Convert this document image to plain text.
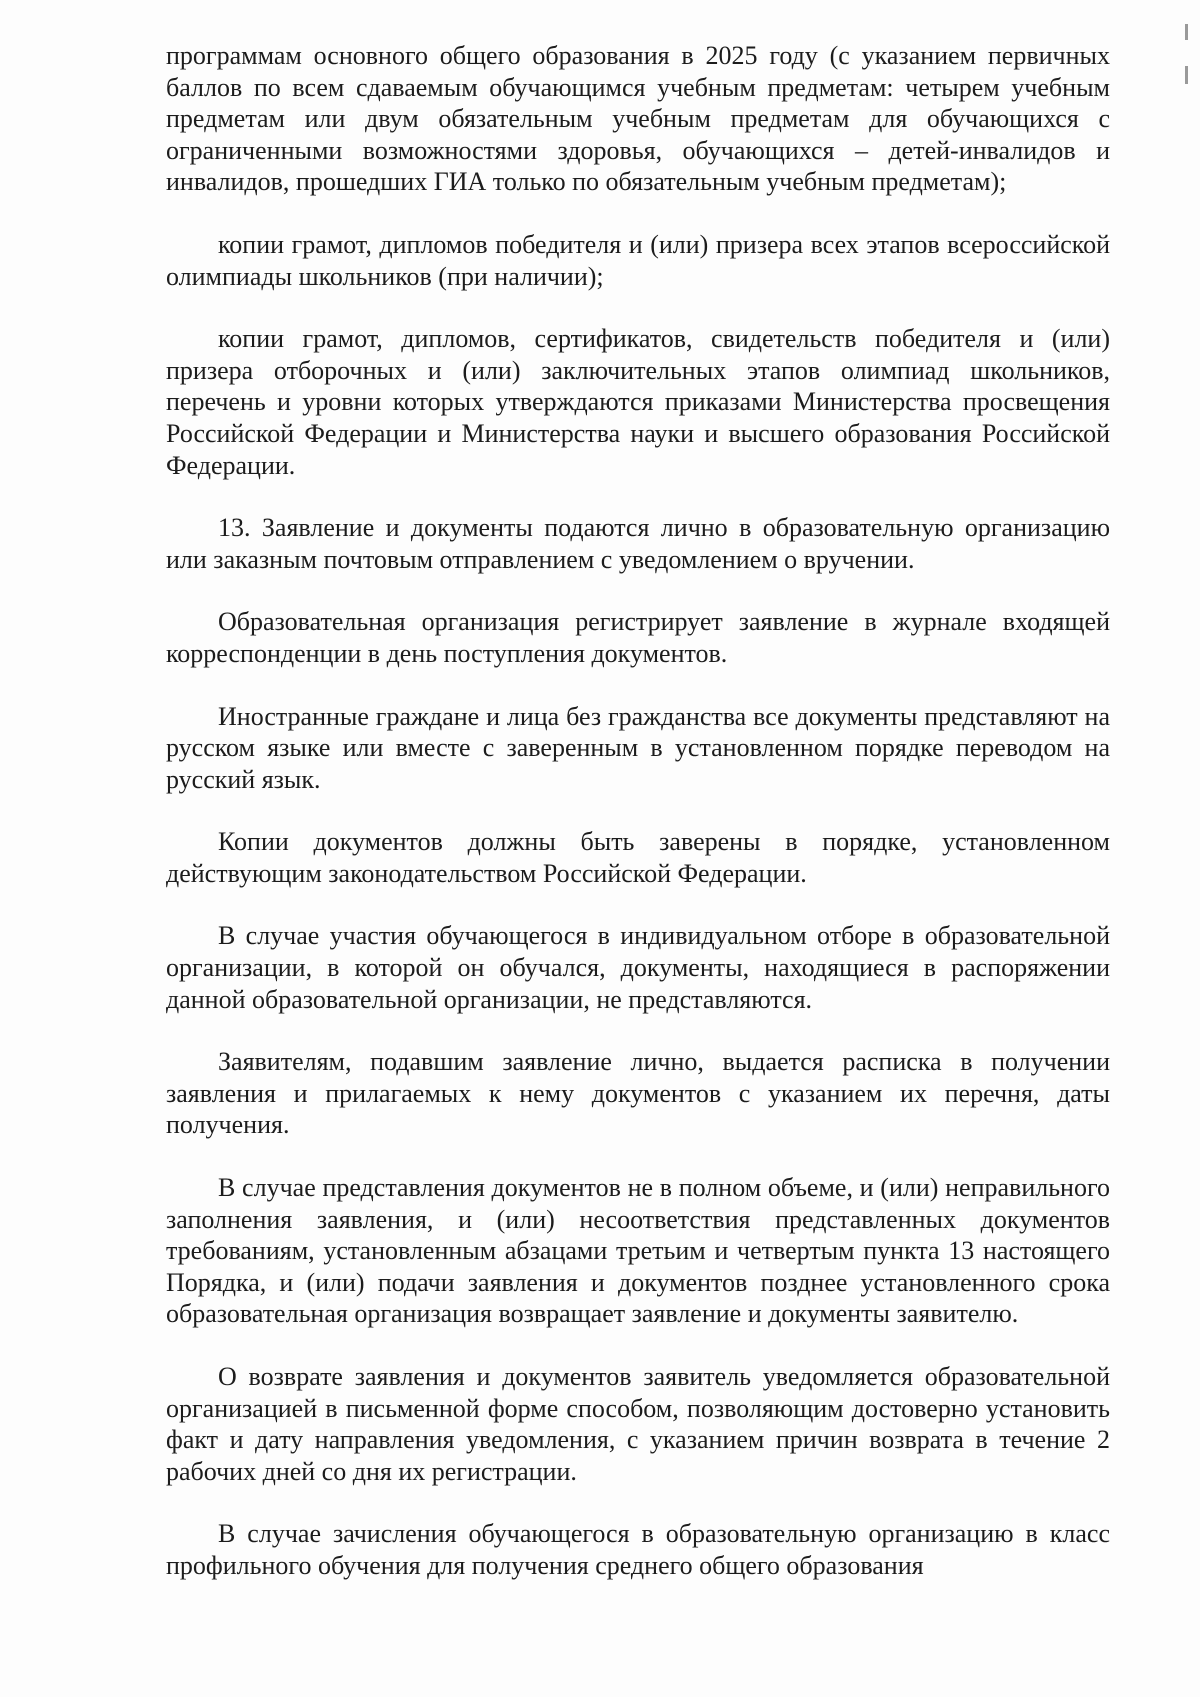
программам основного общего образования в 2025 году (с указанием первичных баллов по всем сдаваемым обучающимся учебным предметам: четырем учебным предметам или двум обязательным учебным предметам для обучающихся с ограниченными возможностями здоровья, обучающихся – детей-инвалидов и инвалидов, прошедших ГИА только по обязательным учебным предметам);

копии грамот, дипломов победителя и (или) призера всех этапов всероссийской олимпиады школьников (при наличии);

копии грамот, дипломов, сертификатов, свидетельств победителя и (или) призера отборочных и (или) заключительных этапов олимпиад школьников, перечень и уровни которых утверждаются приказами Министерства просвещения Российской Федерации и Министерства науки и высшего образования Российской Федерации.

13. Заявление и документы подаются лично в образовательную организацию или заказным почтовым отправлением с уведомлением о вручении.

Образовательная организация регистрирует заявление в журнале входящей корреспонденции в день поступления документов.

Иностранные граждане и лица без гражданства все документы представляют на русском языке или вместе с заверенным в установленном порядке переводом на русский язык.

Копии документов должны быть заверены в порядке, установленном действующим законодательством Российской Федерации.

В случае участия обучающегося в индивидуальном отборе в образовательной организации, в которой он обучался, документы, находящиеся в распоряжении данной образовательной организации, не представляются.

Заявителям, подавшим заявление лично, выдается расписка в получении заявления и прилагаемых к нему документов с указанием их перечня, даты получения.

В случае представления документов не в полном объеме, и (или) неправильного заполнения заявления, и (или) несоответствия представленных документов требованиям, установленным абзацами третьим и четвертым пункта 13 настоящего Порядка, и (или) подачи заявления и документов позднее установленного срока образовательная организация возвращает заявление и документы заявителю.

О возврате заявления и документов заявитель уведомляется образовательной организацией в письменной форме способом, позволяющим достоверно установить факт и дату направления уведомления, с указанием причин возврата в течение 2 рабочих дней со дня их регистрации.

В случае зачисления обучающегося в образовательную организацию в класс профильного обучения для получения среднего общего образования
